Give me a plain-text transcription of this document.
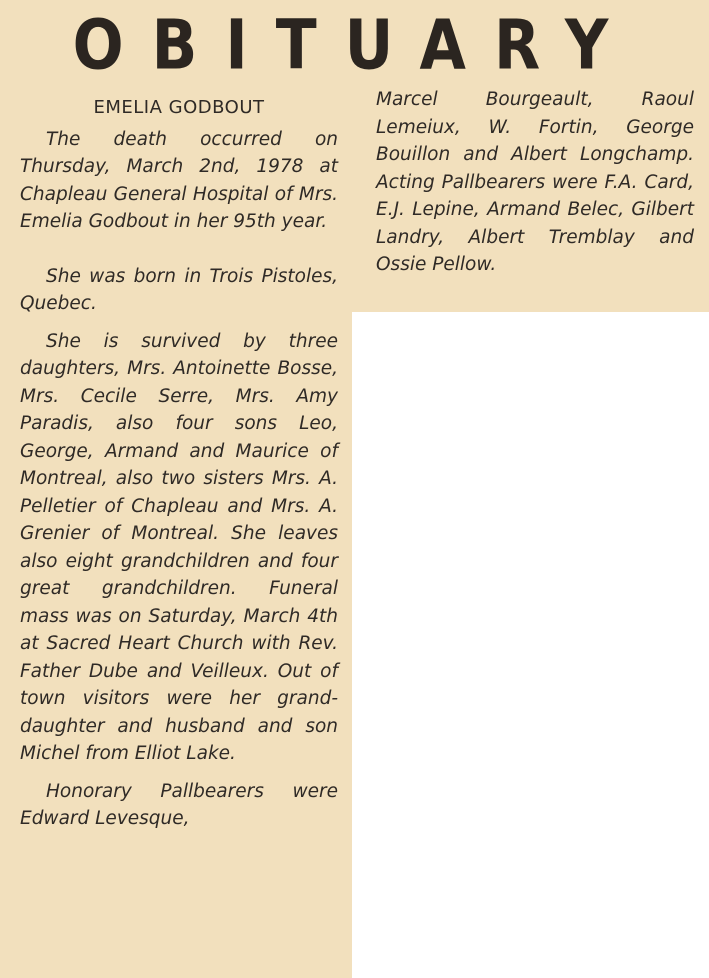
OBITUARY
EMELIA GODBOUT

The death occurred on Thursday, March 2nd, 1978 at Chapleau General Hospital of Mrs. Emelia Godbout in her 95th year.

She was born in Trois Pistoles, Quebec.

She is survived by three daughters, Mrs. Antoinette Bosse, Mrs. Cecile Serre, Mrs. Amy Paradis, also four sons Leo, George, Armand and Maurice of Montreal, also two sisters Mrs. A. Pelletier of Chapleau and Mrs. A. Grenier of Montreal. She leaves also eight grandchildren and four great grandchildren. Funeral mass was on Saturday, March 4th at Sacred Heart Church with Rev. Father Dube and Veilleux. Out of town visitors were her grand-daughter and husband and son Michel from Elliot Lake.

Honorary Pallbearers were Edward Levesque,

Marcel Bourgeault, Raoul Lemeiux, W. Fortin, George Bouillon and Albert Longchamp. Acting Pallbearers were F.A. Card, E.J. Lepine, Armand Belec, Gilbert Landry, Albert Tremblay and Ossie Pellow.
